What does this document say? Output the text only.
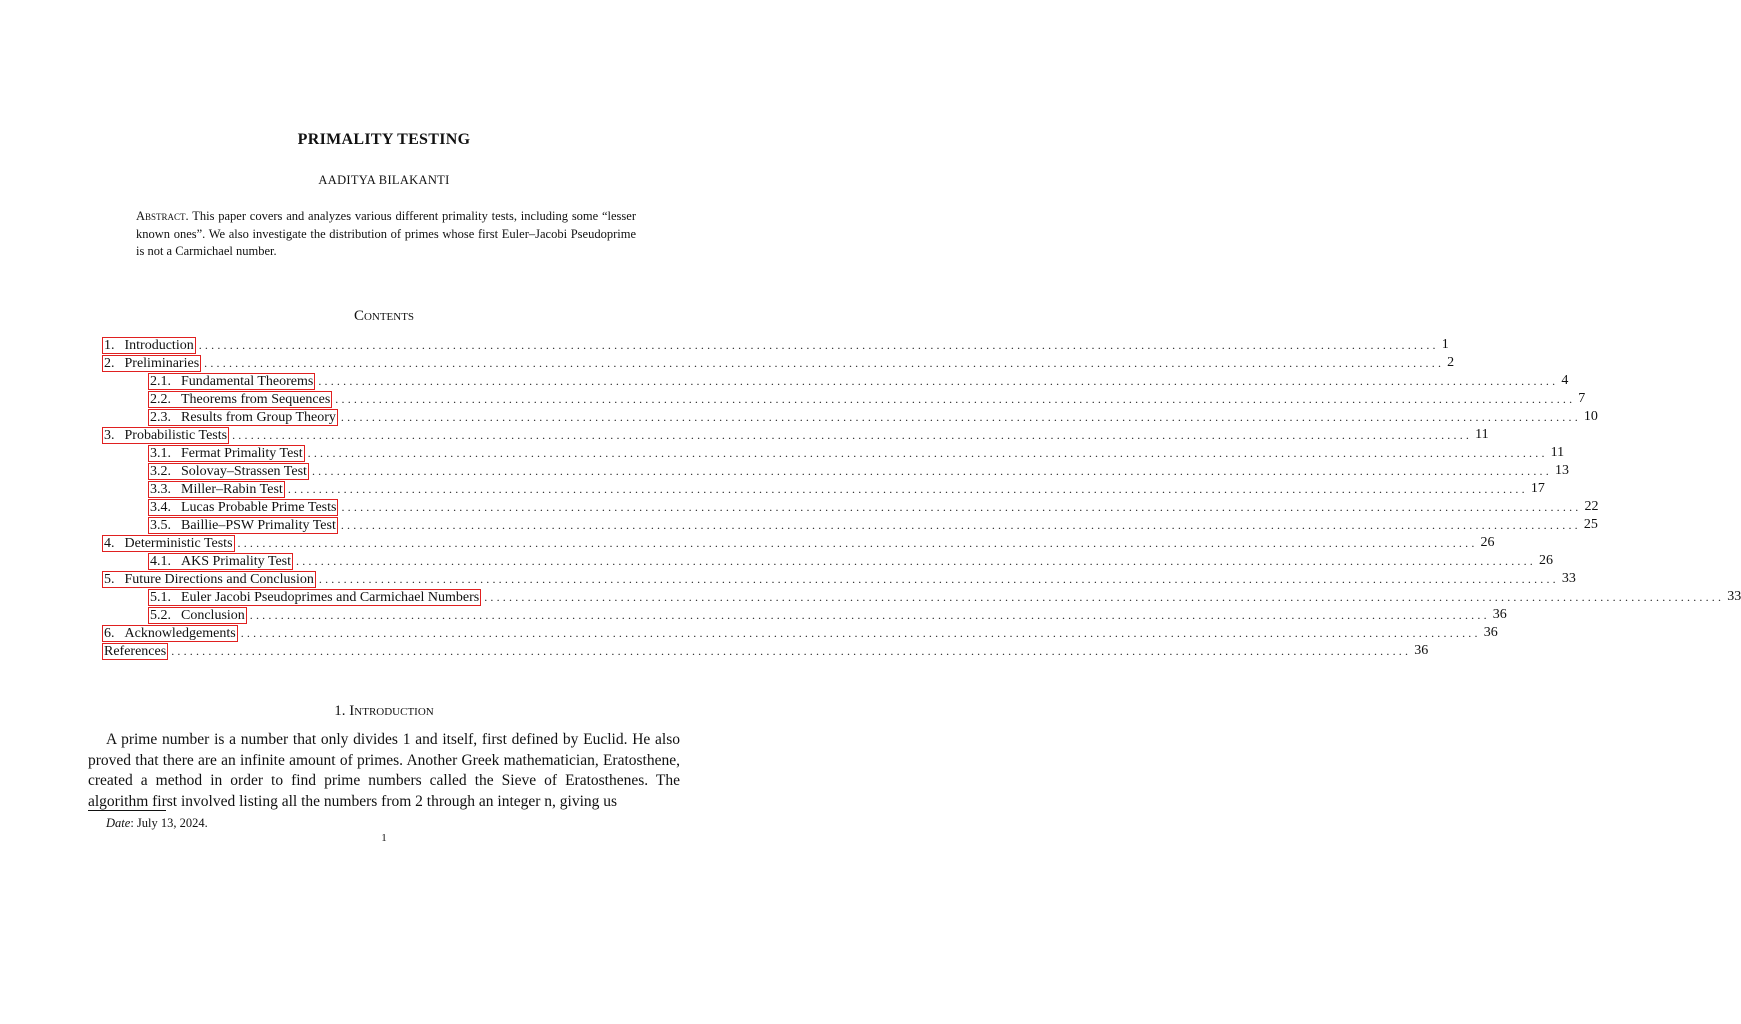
PRIMALITY TESTING
AADITYA BILAKANTI
Abstract. This paper covers and analyzes various different primality tests, including some “lesser known ones”. We also investigate the distribution of primes whose first Euler–Jacobi Pseudoprime is not a Carmichael number.
Contents
1. Introduction ........................................................................................................................................................................................................ 1
2. Preliminaries ........................................................................................................................................................................................................ 2
2.1. Fundamental Theorems ........................................................................................................................................................................................................ 4
2.2. Theorems from Sequences ........................................................................................................................................................................................................ 7
2.3. Results from Group Theory ........................................................................................................................................................................................................ 10
3. Probabilistic Tests ........................................................................................................................................................................................................ 11
3.1. Fermat Primality Test ........................................................................................................................................................................................................ 11
3.2. Solovay–Strassen Test ........................................................................................................................................................................................................ 13
3.3. Miller–Rabin Test ........................................................................................................................................................................................................ 17
3.4. Lucas Probable Prime Tests ........................................................................................................................................................................................................ 22
3.5. Baillie–PSW Primality Test ........................................................................................................................................................................................................ 25
4. Deterministic Tests ........................................................................................................................................................................................................ 26
4.1. AKS Primality Test ........................................................................................................................................................................................................ 26
5. Future Directions and Conclusion ........................................................................................................................................................................................................ 33
5.1. Euler Jacobi Pseudoprimes and Carmichael Numbers ........................................................................................................................................................................................................ 33
5.2. Conclusion ........................................................................................................................................................................................................ 36
6. Acknowledgements ........................................................................................................................................................................................................ 36
References ........................................................................................................................................................................................................ 36
1. Introduction

A prime number is a number that only divides 1 and itself, first defined by Euclid. He also proved that there are an infinite amount of primes. Another Greek mathematician, Eratosthene, created a method in order to find prime numbers called the Sieve of Eratosthenes. The algorithm first involved listing all the numbers from 2 through an integer n, giving us

Date: July 13, 2024.
1
